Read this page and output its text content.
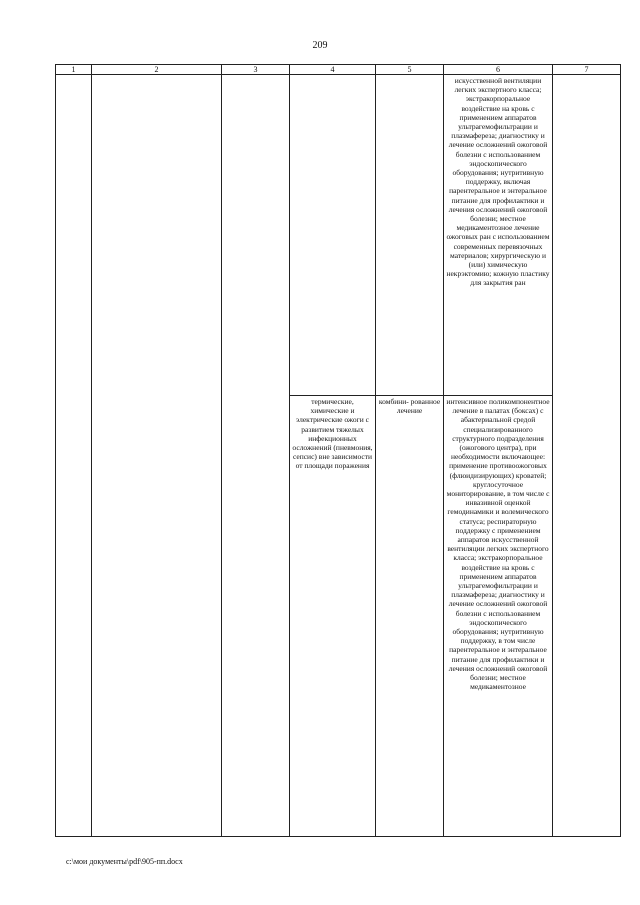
209
1	2	3	4	5	6	7

					искусственной вентиляции легких экспертного класса; экстракорпоральное воздействие на кровь с применением аппаратов ультрагемофильтрации и плазмафереза; диагностику и лечение осложнений ожоговой болезни с использованием эндоскопического оборудования; нутритивную поддержку, включая парентеральное и энтеральное питание для профилактики и лечения осложнений ожоговой болезни; местное медикаментозное лечение ожоговых ран с использованием современных перевязочных материалов; хирургическую и (или) химическую некрэктомию; кожную пластику для закрытия ран	

			термические, химические и электрические ожоги с развитием тяжелых инфекционных осложнений (пневмония, сепсис) вне зависимости от площади поражения	комбини- рованное лечение	интенсивное поликомпонентное лечение в палатах (боксах) с абактериальной средой специализированного структурного подразделения (ожогового центра), при необходимости включающее: применение противоожоговых (флюидизирующих) кроватей; круглосуточное мониторирование, в том числе с инвазивной оценкой гемодинамики и волемического статуса; респираторную поддержку с применением аппаратов искусственной вентиляции легких экспертного класса; экстракорпоральное воздействие на кровь с применением аппаратов ультрагемофильтрации и плазмафереза; диагностику и лечение осложнений ожоговой болезни с использованием эндоскопического оборудования; нутритивную поддержку, в том числе парентеральное и энтеральное питание для профилактики и лечения осложнений ожоговой болезни; местное медикаментозное	
c:\мои документы\pdf\905-пп.docx
